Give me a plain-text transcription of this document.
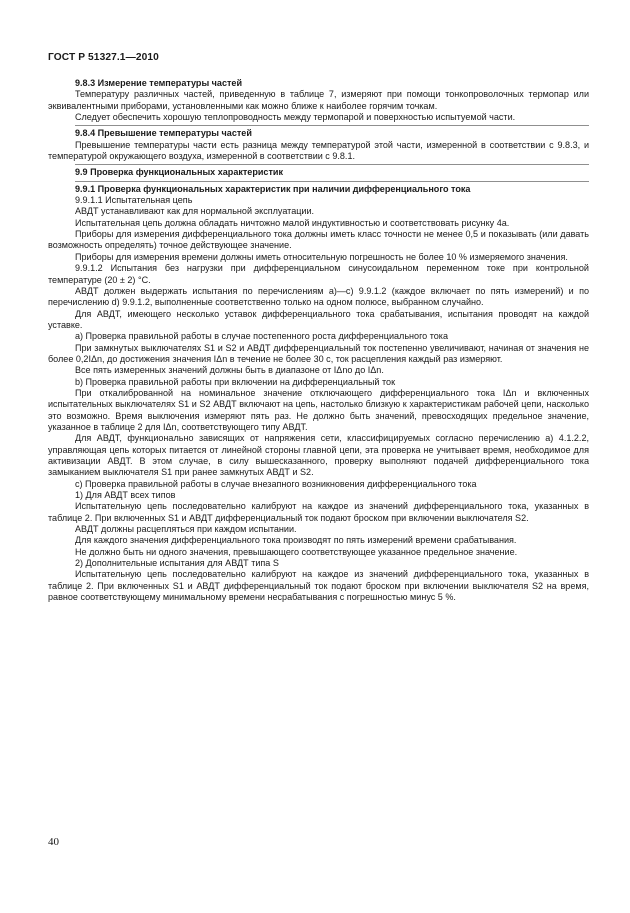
ГОСТ Р 51327.1—2010

9.8.3 Измерение температуры частей

Температуру различных частей, приведенную в таблице 7, измеряют при помощи тонкопроволочных термопар или эквивалентными приборами, установленными как можно ближе к наиболее горячим точкам.

Следует обеспечить хорошую теплопроводность между термопарой и поверхностью испытуемой части.

9.8.4 Превышение температуры частей

Превышение температуры части есть разница между температурой этой части, измеренной в соответствии с 9.8.3, и температурой окружающего воздуха, измеренной в соответствии с 9.8.1.

9.9 Проверка функциональных характеристик

9.9.1 Проверка функциональных характеристик при наличии дифференциального тока

9.9.1.1 Испытательная цепь

АВДТ устанавливают как для нормальной эксплуатации.

Испытательная цепь должна обладать ничтожно малой индуктивностью и соответствовать рисунку 4а.

Приборы для измерения дифференциального тока должны иметь класс точности не менее 0,5 и показывать (или давать возможность определять) точное действующее значение.

Приборы для измерения времени должны иметь относительную погрешность не более 10 % измеряемого значения.

9.9.1.2 Испытания без нагрузки при дифференциальном синусоидальном переменном токе при контрольной температуре (20 ± 2) °C.

АВДТ должен выдержать испытания по перечислениям а)—с) 9.9.1.2 (каждое включает по пять измерений) и по перечислению d) 9.9.1.2, выполненные соответственно только на одном полюсе, выбранном случайно.

Для АВДТ, имеющего несколько уставок дифференциального тока срабатывания, испытания проводят на каждой уставке.

а) Проверка правильной работы в случае постепенного роста дифференциального тока

При замкнутых выключателях S1 и S2 и АВДТ дифференциальный ток постепенно увеличивают, начиная от значения не более 0,2IΔn, до достижения значения IΔn в течение не более 30 с, ток расцепления каждый раз измеряют.

Все пять измеренных значений должны быть в диапазоне от IΔno до IΔn.

b) Проверка правильной работы при включении на дифференциальный ток

При откалиброванной на номинальное значение отключающего дифференциального тока IΔn и включенных испытательных выключателях S1 и S2 АВДТ включают на цепь, настолько близкую к характеристикам рабочей цепи, насколько это возможно. Время выключения измеряют пять раз. Не должно быть значений, превосходящих предельное значение, указанное в таблице 2 для IΔn, соответствующего типу АВДТ.

Для АВДТ, функционально зависящих от напряжения сети, классифицируемых согласно перечислению а) 4.1.2.2, управляющая цепь которых питается от линейной стороны главной цепи, эта проверка не учитывает время, необходимое для активизации АВДТ. В этом случае, в силу вышесказанного, проверку выполняют подачей дифференциального тока замыканием выключателя S1 при ранее замкнутых АВДТ и S2.

с) Проверка правильной работы в случае внезапного возникновения дифференциального тока

1) Для АВДТ всех типов

Испытательную цепь последовательно калибруют на каждое из значений дифференциального тока, указанных в таблице 2. При включенных S1 и АВДТ дифференциальный ток подают броском при включении выключателя S2.

АВДТ должны расцепляться при каждом испытании.

Для каждого значения дифференциального тока производят по пять измерений времени срабатывания.

Не должно быть ни одного значения, превышающего соответствующее указанное предельное значение.

2) Дополнительные испытания для АВДТ типа S

Испытательную цепь последовательно калибруют на каждое из значений дифференциального тока, указанных в таблице 2. При включенных S1 и АВДТ дифференциальный ток подают броском при включении выключателя S2 на время, равное соответствующему минимальному времени несрабатывания с погрешностью минус 5 %.

40
